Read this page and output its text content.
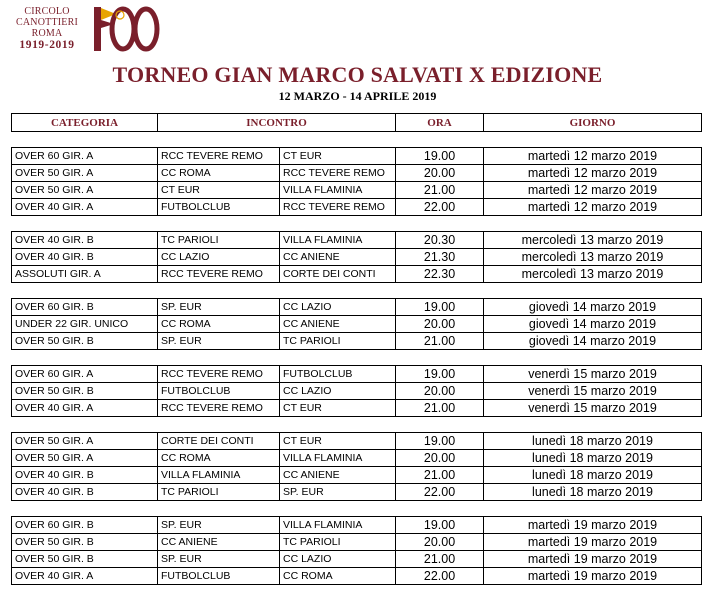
CIRCOLO
CANOTTIERI
ROMA
1919-2019
TORNEO GIAN MARCO SALVATI X EDIZIONE
12 MARZO - 14 APRILE 2019
CATEGORIA	INCONTRO		ORA	GIORNO

OVER 60 GIR. A	RCC TEVERE REMO	CT EUR	19.00	martedì 12 marzo 2019
OVER 50 GIR. A	CC ROMA	RCC TEVERE REMO	20.00	martedì 12 marzo 2019
OVER 50 GIR. A	CT EUR	VILLA FLAMINIA	21.00	martedì 12 marzo 2019
OVER 40 GIR. A	FUTBOLCLUB	RCC TEVERE REMO	22.00	martedì 12 marzo 2019

OVER 40 GIR. B	TC PARIOLI	VILLA FLAMINIA	20.30	mercoledì 13 marzo 2019
OVER 40 GIR. B	CC LAZIO	CC ANIENE	21.30	mercoledì 13 marzo 2019
ASSOLUTI GIR. A	RCC TEVERE REMO	CORTE DEI CONTI	22.30	mercoledì 13 marzo 2019

OVER 60 GIR. B	SP. EUR	CC LAZIO	19.00	giovedì 14 marzo 2019
UNDER 22 GIR. UNICO	CC ROMA	CC ANIENE	20.00	giovedì 14 marzo 2019
OVER 50 GIR. B	SP. EUR	TC PARIOLI	21.00	giovedì 14 marzo 2019

OVER 60 GIR. A	RCC TEVERE REMO	FUTBOLCLUB	19.00	venerdì 15 marzo 2019
OVER 50 GIR. B	FUTBOLCLUB	CC LAZIO	20.00	venerdì 15 marzo 2019
OVER 40 GIR. A	RCC TEVERE REMO	CT EUR	21.00	venerdì 15 marzo 2019

OVER 50 GIR. A	CORTE DEI CONTI	CT EUR	19.00	lunedì 18 marzo 2019
OVER 50 GIR. A	CC ROMA	VILLA FLAMINIA	20.00	lunedì 18 marzo 2019
OVER 40 GIR. B	VILLA FLAMINIA	CC ANIENE	21.00	lunedì 18 marzo 2019
OVER 40 GIR. B	TC PARIOLI	SP. EUR	22.00	lunedì 18 marzo 2019

OVER 60 GIR. B	SP. EUR	VILLA FLAMINIA	19.00	martedì 19 marzo 2019
OVER 50 GIR. B	CC ANIENE	TC PARIOLI	20.00	martedì 19 marzo 2019
OVER 50 GIR. B	SP. EUR	CC LAZIO	21.00	martedì 19 marzo 2019
OVER 40 GIR. A	FUTBOLCLUB	CC ROMA	22.00	martedì 19 marzo 2019
